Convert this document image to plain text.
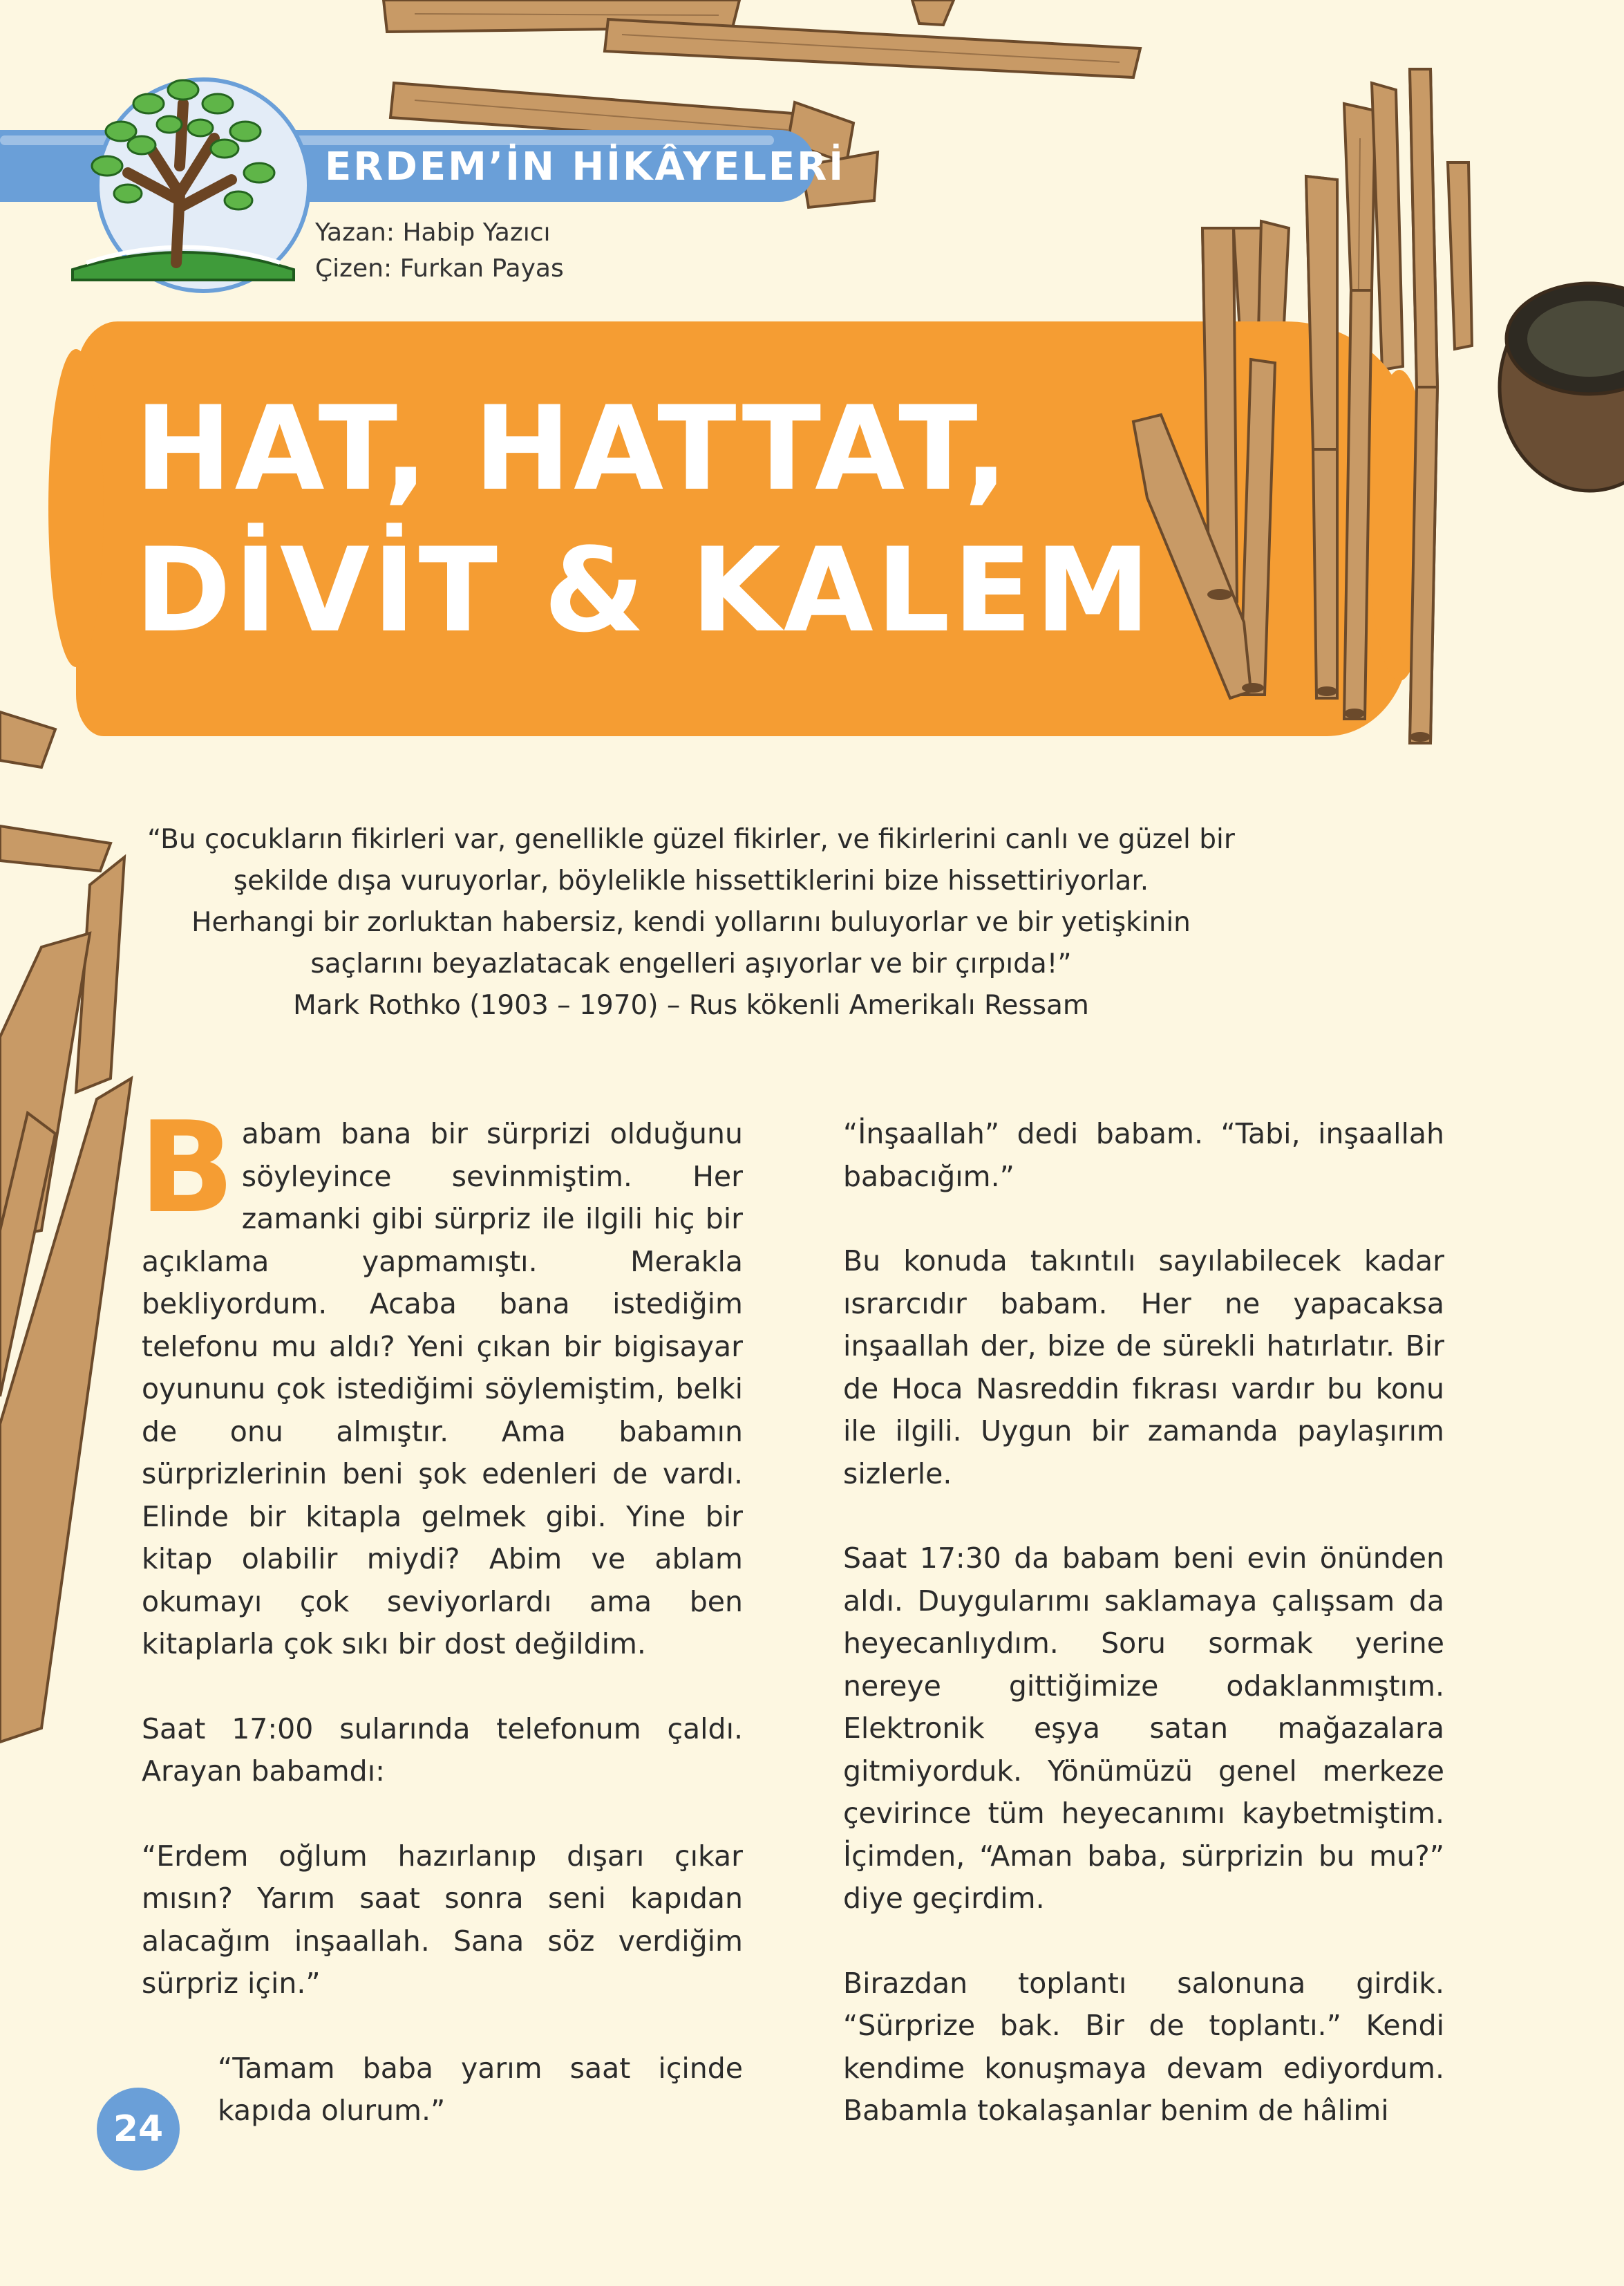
ERDEM’İN HİKÂYELERİ
Yazan: Habip Yazıcı
Çizen: Furkan Payas
HAT, HATTAT,
DİVİT & KALEM

“Bu çocukların fikirleri var, genellikle güzel fikirler, ve fikirlerini canlı ve güzel bir

şekilde dışa vuruyorlar, böylelikle hissettiklerini bize hissettiriyorlar.

Herhangi bir zorluktan habersiz, kendi yollarını buluyorlar ve bir yetişkinin

saçlarını beyazlatacak engelleri aşıyorlar ve bir çırpıda!”

Mark Rothko (1903 – 1970) – Rus kökenli Amerikalı Ressam

Babam bana bir sürprizi olduğunu söyleyince sevinmiştim. Her zamanki gibi sürpriz ile ilgili hiç bir açıklama yapmamıştı. Merakla bekliyordum. Acaba bana istediğim telefonu mu aldı? Yeni çıkan bir bigisayar oyununu çok istediğimi söylemiştim, belki de onu almıştır. Ama babamın sürprizlerinin beni şok edenleri de vardı. Elinde bir kitapla gelmek gibi. Yine bir kitap olabilir miydi? Abim ve ablam okumayı çok seviyorlardı ama ben kitaplarla çok sıkı bir dost değildim.

Saat 17:00 sularında telefonum çaldı. Arayan babamdı:

“Erdem oğlum hazırlanıp dışarı çıkar mısın? Yarım saat sonra seni kapıdan alacağım inşaallah. Sana söz verdiğim sürpriz için.”

“Tamam baba yarım saat içinde kapıda olurum.”

“İnşaallah” dedi babam. “Tabi, inşaallah babacığım.”

Bu konuda takıntılı sayılabilecek kadar ısrarcıdır babam. Her ne yapacaksa inşaallah der, bize de sürekli hatırlatır. Bir de Hoca Nasreddin fıkrası vardır bu konu ile ilgili. Uygun bir zamanda paylaşırım sizlerle.

Saat 17:30 da babam beni evin önünden aldı. Duygularımı saklamaya çalışsam da heyecanlıydım. Soru sormak yerine nereye gittiğimize odaklanmıştım. Elektronik eşya satan mağazalara gitmiyorduk. Yönümüzü genel merkeze çevirince tüm heyecanımı kaybetmiştim. İçimden, “Aman baba, sürprizin bu mu?” diye geçirdim.

Birazdan toplantı salonuna girdik. “Sürprize bak. Bir de toplantı.” Kendi kendime konuşmaya devam ediyordum. Babamla tokalaşanlar benim de hâlimi

24
